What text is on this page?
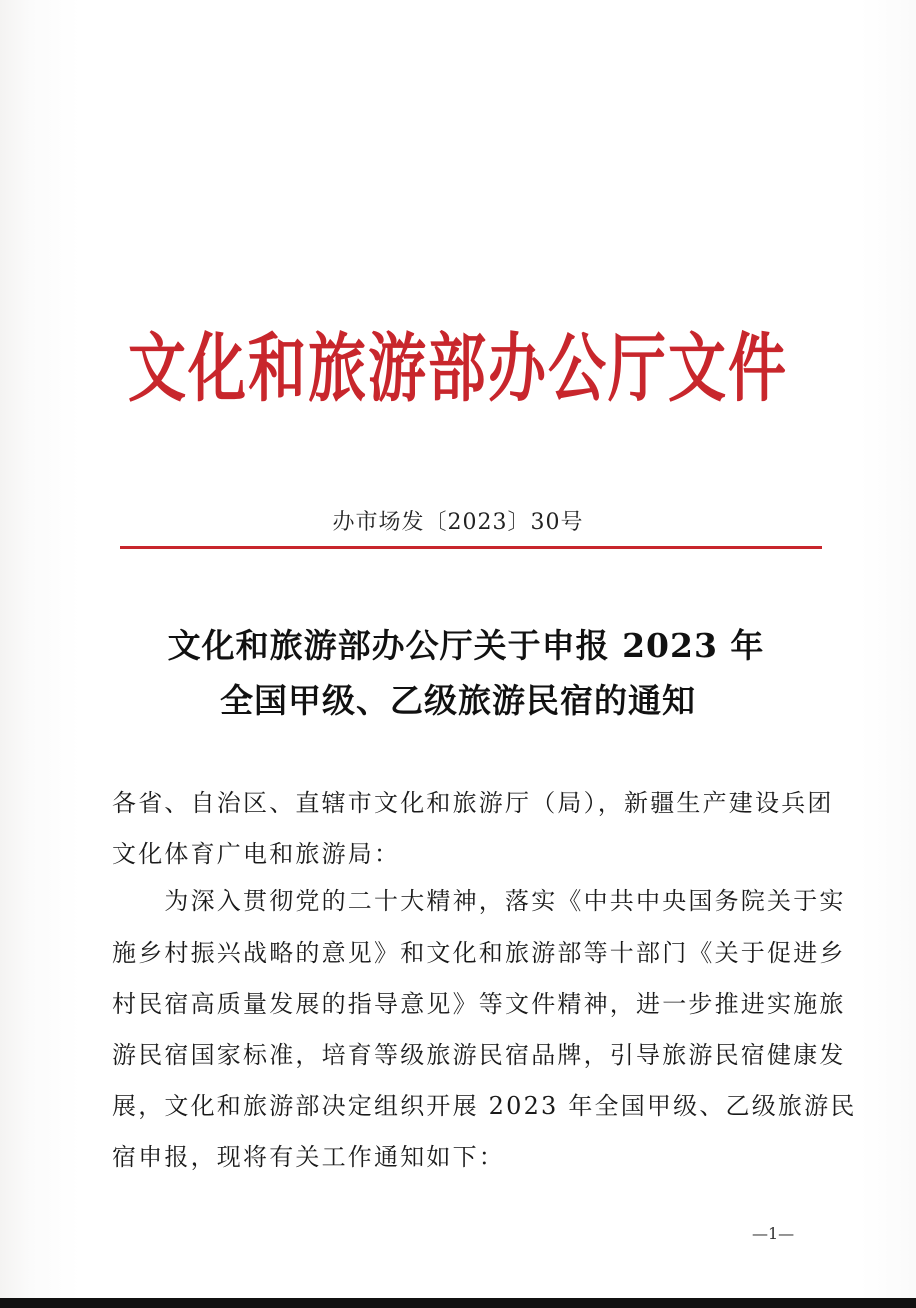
文化和旅游部办公厅文件
办市场发〔2023〕30号
文化和旅游部办公厅关于申报 2023 年
全国甲级、乙级旅游民宿的通知
各省、自治区、直辖市文化和旅游厅（局），新疆生产建设兵团
文化体育广电和旅游局：
　　为深入贯彻党的二十大精神，落实《中共中央国务院关于实
施乡村振兴战略的意见》和文化和旅游部等十部门《关于促进乡
村民宿高质量发展的指导意见》等文件精神，进一步推进实施旅
游民宿国家标准，培育等级旅游民宿品牌，引导旅游民宿健康发
展，文化和旅游部决定组织开展 2023 年全国甲级、乙级旅游民
宿申报，现将有关工作通知如下：
—1—
